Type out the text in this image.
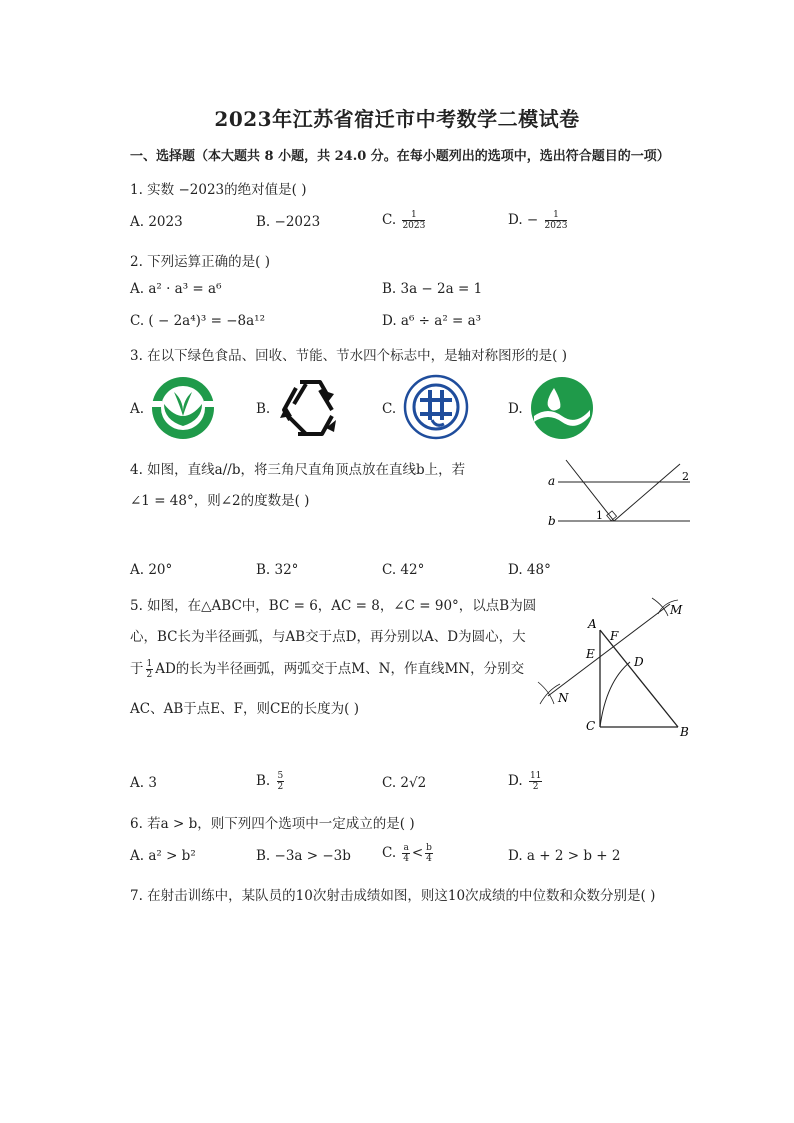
2023年江苏省宿迁市中考数学二模试卷
一、选择题（本大题共 8 小题，共 24.0 分。在每小题列出的选项中，选出符合题目的一项）
1. 实数 −2023的绝对值是( )
A. 2023	B. −2023	C. $\frac{1}{2023}$	D. − $\frac{1}{2023}$
2. 下列运算正确的是( )
A. a² · a³ = a⁶	B. 3a − 2a = 1
C. ( − 2a⁴)³ = −8a¹²	D. a⁶ ÷ a² = a³
3. 在以下绿色食品、回收、节能、节水四个标志中，是轴对称图形的是( )
A.	B.	C.	D.
4. 如图，直线a//b，将三角尺直角顶点放在直线b上，若
∠1 = 48°，则∠2的度数是( )
a
b	1
2
A. 20°	B. 32°	C. 42°	D. 48°
5. 如图，在△ABC中，BC = 6，AC = 8，∠C = 90°，以点B为圆
心，BC长为半径画弧，与AB交于点D，再分别以A、D为圆心，大
于 $\frac{1}{2}$ AD的长为半径画弧，两弧交于点M、N，作直线MN，分别交
AC、AB于点E、F，则CE的长度为( )
A
B
C
D
E
F
M
N
A. 3	B. $\frac{5}{2}$	C. 2√2	D. $\frac{11}{2}$
6. 若a > b，则下列四个选项中一定成立的是( )
A. a² > b²	B. −3a > −3b C. $\frac{a}{4} < \frac{b}{4}$	D. a + 2 > b + 2
7. 在射击训练中，某队员的10次射击成绩如图，则这10次成绩的中位数和众数分别是( )
